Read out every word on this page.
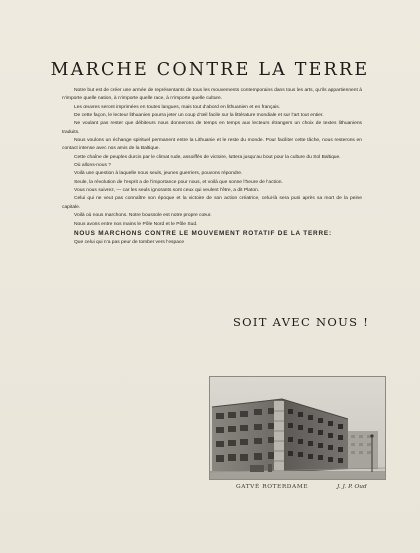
MARCHE CONTRE LA TERRE

Notre but est de créer une armée de représentants de tous les mouvements contemporains dans tous les arts, qu’ils appartiennent à n’importe quelle nation, à n’importe quelle race, à n’importe quelle culture.

Les œuvres seront imprimées en toutes langues, mais tout d’abord en lithuanien et en français.

De cette façon, le lecteur lithuanien pourra jeter un coup d’œil facile sur la littérature mondiale et sur l’art tout entier.

Ne voulant pas rester que débiteurs nous donnerons de temps en temps aux lecteurs étrangers un choix de textes lithuaniens traduits.

Nous voulons un échange spirituel permanent entre la Lithuanie et le reste du monde. Pour faciliter cette tâche, nous resterons en contact intense avec nos amis de la Baltique.

Cette chaîne de peuples durcis par le climat rude, assoiffés de victoire, luttera jusqu’au bout pour la culture du Sol Baltique.

Où allons-nous ?

Voilà une question à laquelle nous seuls, jeunes guerriers, pouvons répondre.

Seule, la révolution de l’esprit a de l’importance pour nous, et voilà que sonne l’heure de l’action.

Vous nous suivrez, — car les seuls ignorants sont ceux qui veulent l’être, a dit Platon.

Celui qui ne veut pas connaître son époque et la victoire de son action créatrice, celui-là sera puni après sa mort de la peine capitale.

Voilà où nous marchons. Notre boussole est notre propre cœur.

Nous avons entre nos mains le Pôle Nord et le Pôle Sud.

NOUS MARCHONS CONTRE LE MOUVEMENT ROTATIF DE LA TERRE:

Que celui qui n’a pas peur de tomber vers l’espace

SOIT AVEC NOUS !
GATVĖ ROTERDAME	J. J. P. Oud
